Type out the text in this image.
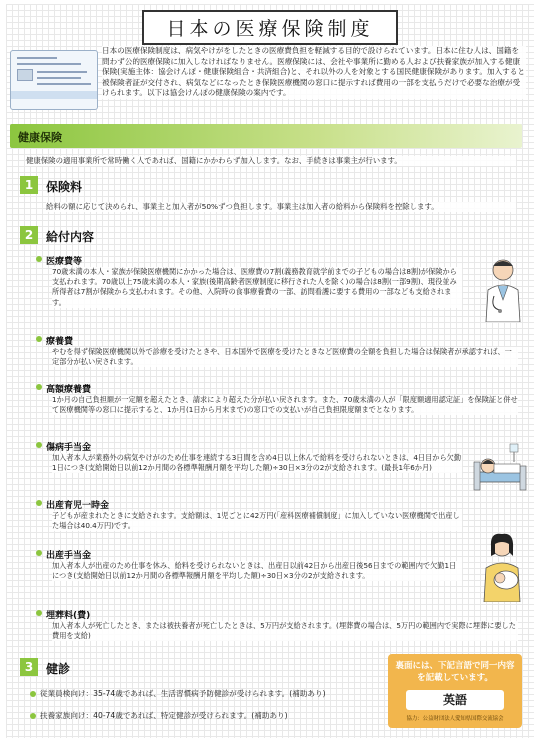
日本の医療保険制度
日本の医療保険制度は、病気やけがをしたときの医療費負担を軽減する目的で設けられています。日本に住む人は、国籍を問わず公的医療保険に加入しなければなりません。医療保険には、会社や事業所に勤める人および扶養家族が加入する健康保険(実施主体：協会けんぽ・健康保険組合・共済組合)と、それ以外の人を対象とする国民健康保険があります。加入すると被保険者証が交付され、病気などになったとき保険医療機関の窓口に提示すれば費用の一部を支払うだけで必要な治療が受けられます。以下は協会けんぽの健康保険の案内です。
健康保険
健康保険の適用事業所で常時働く人であれば、国籍にかかわらず加入します。なお、手続きは事業主が行います。
1	保険料
給料の額に応じて決められ、事業主と加入者が50%ずつ負担します。事業主は加入者の給料から保険料を控除します。
2	給付内容
医療費等
70歳未満の本人・家族が保険医療機関にかかった場合は、医療費の7割(義務教育就学前までの子どもの場合は8割)が保険から支払われます。70歳以上75歳未満の本人・家族(後期高齢者医療制度に移行された人を除く)の場合は8割(一部9割)、現役並み所得者は7割が保険から支払われます。その他、入院時の食事療養費の一部、訪問看護に要する費用の一部なども支給されます。
療養費
やむを得ず保険医療機関以外で診療を受けたときや、日本国外で医療を受けたときなど医療費の全額を負担した場合は保険者が承認すれば、一定部分が払い戻されます。
高額療養費
1か月の自己負担額が一定額を超えたとき、請求により超えた分が払い戻されます。また、70歳未満の人が「限度額適用認定証」を保険証と併せて医療機関等の窓口に提示すると、1か月(1日から月末まで)の窓口での支払いが自己負担限度額までとなります。
傷病手当金
加入者本人が業務外の病気やけがのため仕事を連続する3日間を含め4日以上休んで給料を受けられないときは、4日目から欠勤1日につき(支給開始日以前12か月間の各標準報酬月額を平均した額)÷30日×3分の2が支給されます。(最長1年6か月)
出産育児一時金
子どもが産まれたときに支給されます。支給額は、1児ごとに42万円(「産科医療補償制度」に加入していない医療機関で出産した場合は40.4万円)です。
出産手当金
加入者本人が出産のため仕事を休み、給料を受けられないときは、出産日以前42日から出産日後56日までの範囲内で欠勤1日につき(支給開始日以前12か月間の各標準報酬月額を平均した額)÷30日×3分の2が支給されます。
埋葬料(費)
加入者本人が死亡したとき、または被扶養者が死亡したときは、5万円が支給されます。(埋葬費の場合は、5万円の範囲内で実際に埋葬に要した費用を支給)
3	健診
従業員検向け：35-74歳であれば、生活習慣病予防健診が受けられます。(補助あり)
扶養家族向け：40-74歳であれば、特定健診が受けられます。(補助あり)
裏面には、下記言語で同一内容を記載しています。
英語
協力：公益財団法人愛知県国際交流協会
